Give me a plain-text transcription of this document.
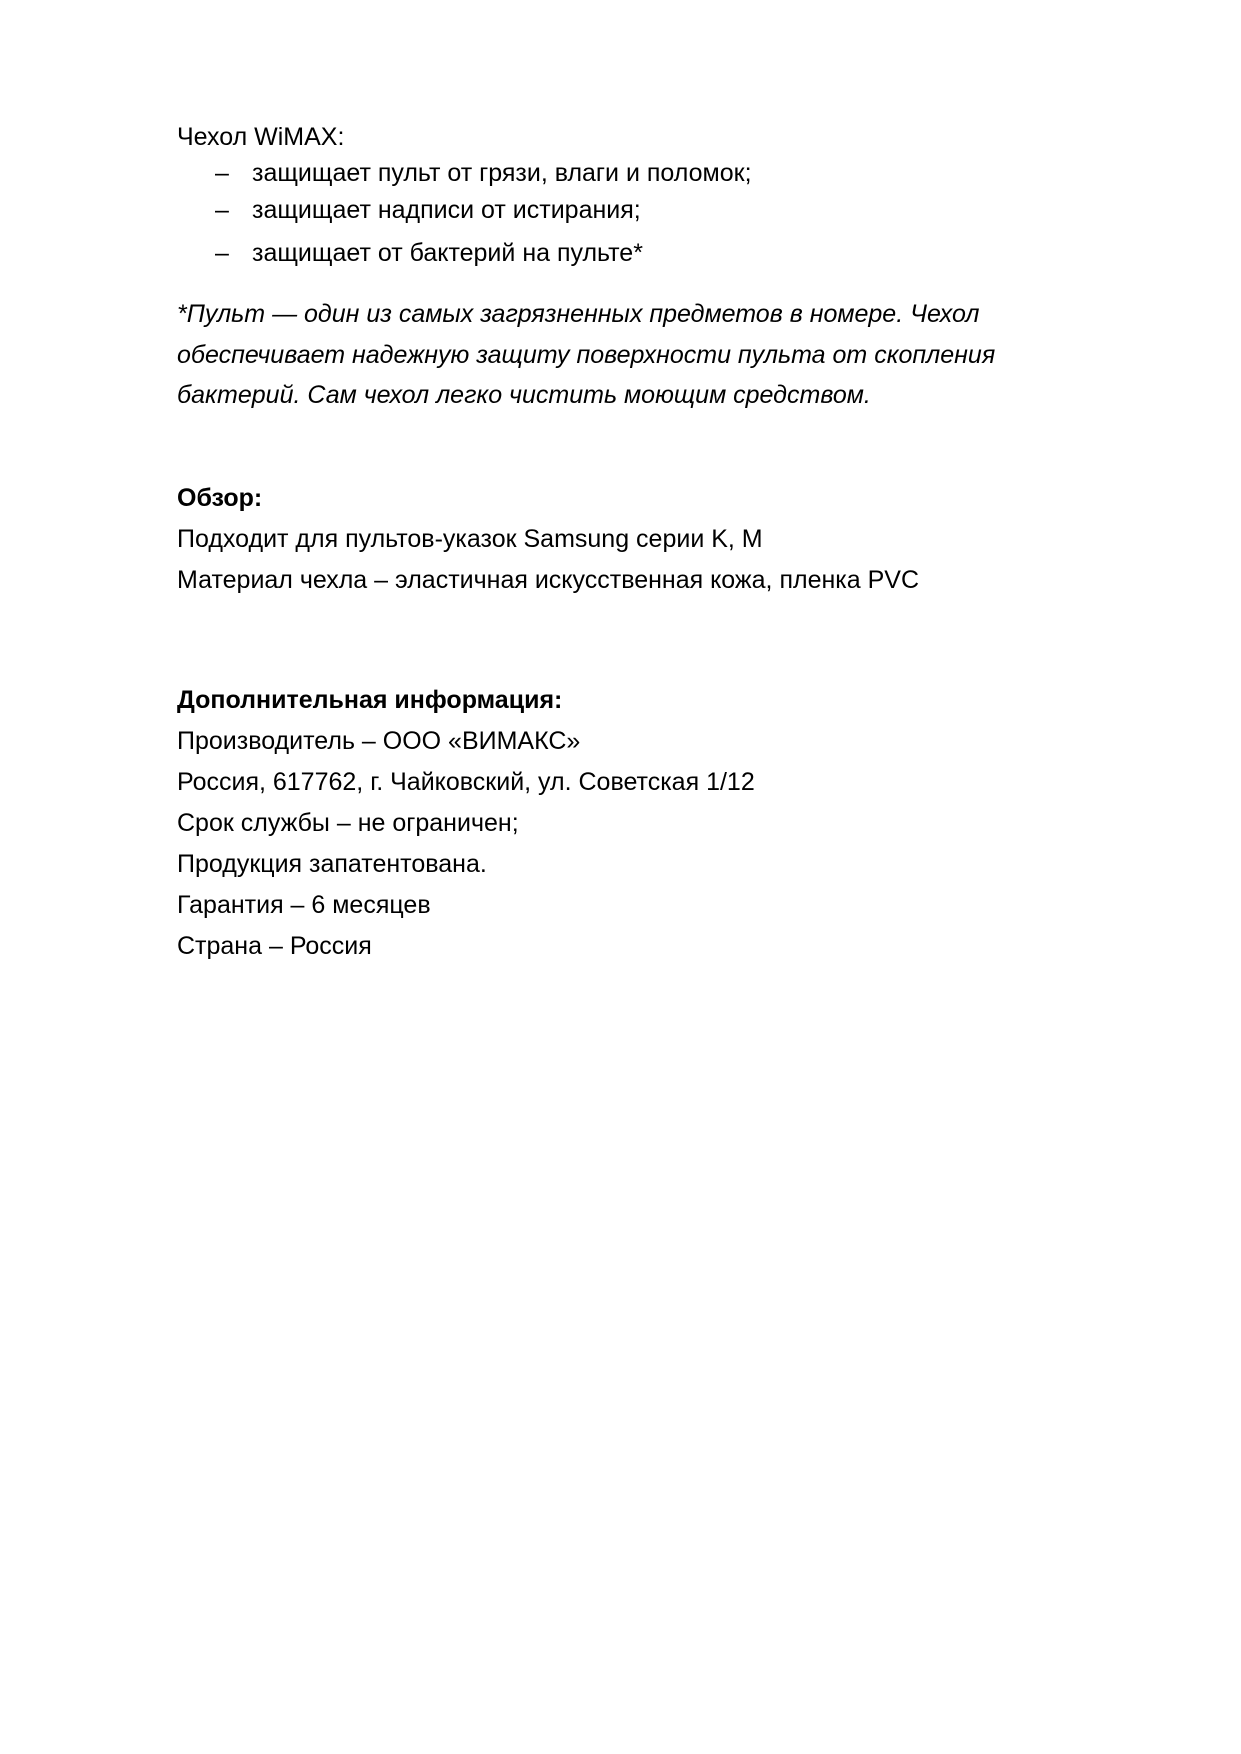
Чехол WiMAX:
– защищает пульт от грязи, влаги и поломок;
– защищает надписи от истирания;
– защищает от бактерий на пульте*
*Пульт — один из самых загрязненных предметов в номере. Чехол
обеспечивает надежную защиту поверхности пульта от скопления
бактерий. Сам чехол легко чистить моющим средством.
Обзор:
Подходит для пультов-указок Samsung серии K, M
Материал чехла – эластичная искусственная кожа, пленка PVC
Дополнительная информация:
Производитель – ООО «ВИМАКС»
Россия, 617762, г. Чайковский, ул. Советская 1/12
Срок службы – не ограничен;
Продукция запатентована.
Гарантия – 6 месяцев
Страна – Россия
